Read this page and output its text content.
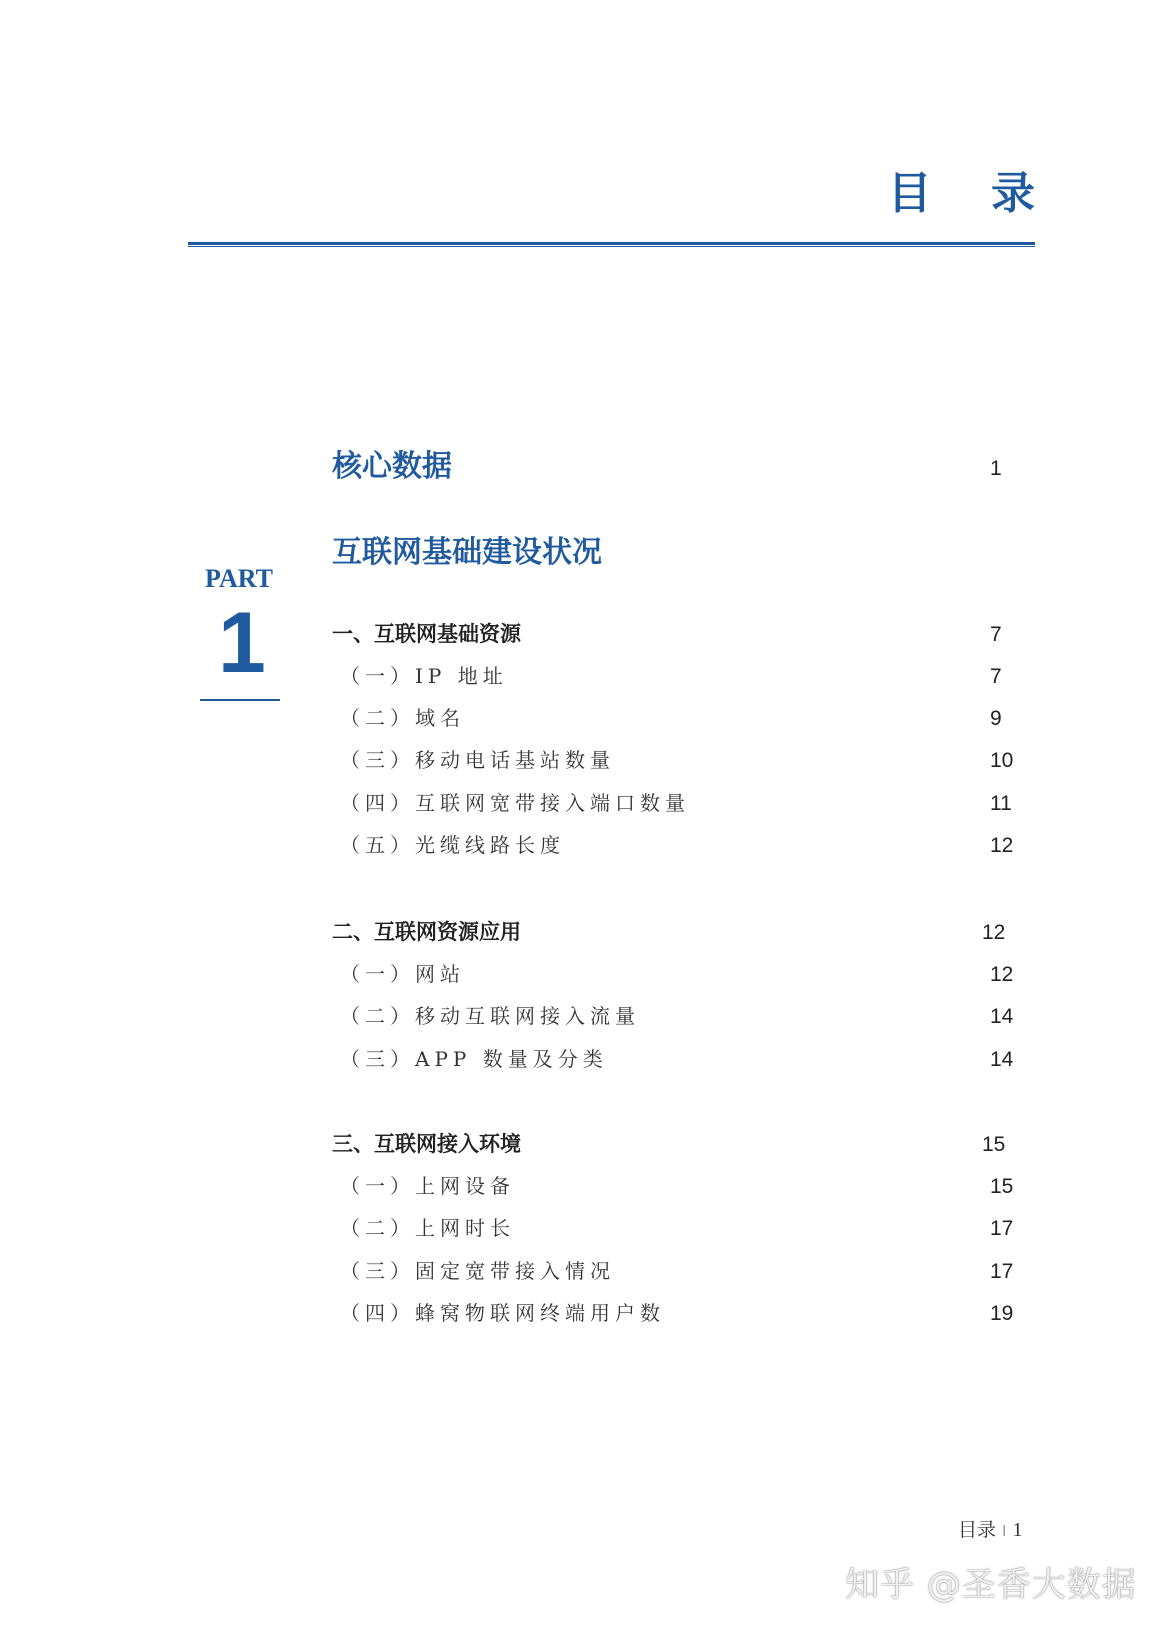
目 录
PART
1
核心数据	1
互联网基础建设状况
一、互联网基础资源	7
（一）IP 地址	7
（二）域名	9
（三）移动电话基站数量	10
（四）互联网宽带接入端口数量	11
（五）光缆线路长度	12
二、互联网资源应用	12
（一）网站	12
（二）移动互联网接入流量	14
（三）APP 数量及分类	14
三、互联网接入环境	15
（一）上网设备	15
（二）上网时长	17
（三）固定宽带接入情况	17
（四）蜂窝物联网终端用户数	19
目录 I 1
知乎 @圣香大数据
